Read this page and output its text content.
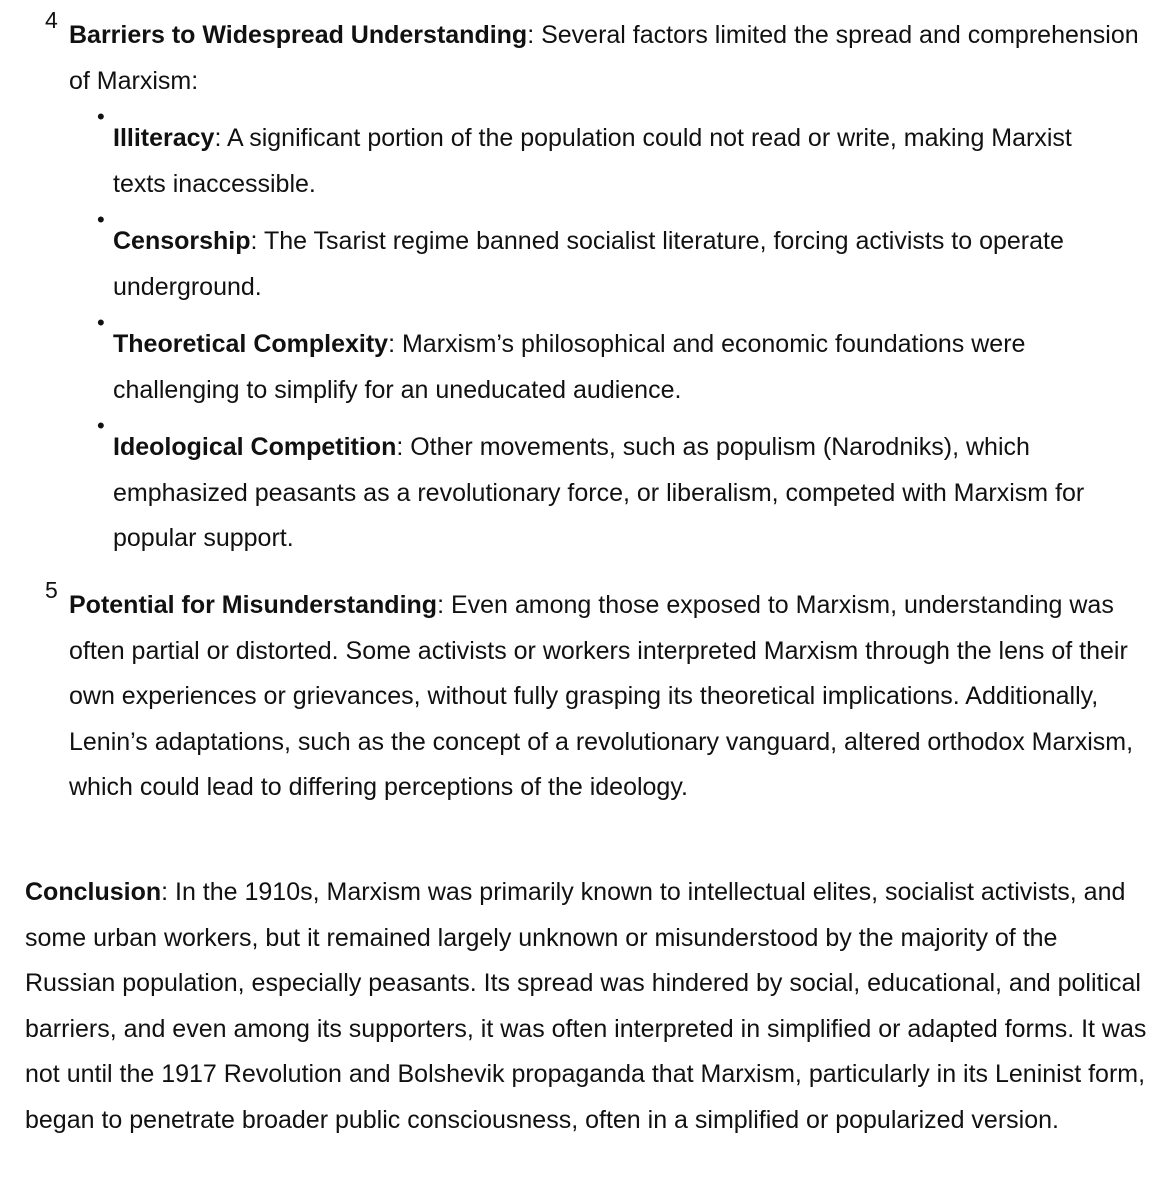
4
Barriers to Widespread Understanding: Several factors limited the spread and comprehension of Marxism:
•
Illiteracy: A significant portion of the population could not read or write, making Marxist texts inaccessible.
•
Censorship: The Tsarist regime banned socialist literature, forcing activists to operate underground.
•
Theoretical Complexity: Marxism’s philosophical and economic foundations were challenging to simplify for an uneducated audience.
•
Ideological Competition: Other movements, such as populism (Narodniks), which emphasized peasants as a revolutionary force, or liberalism, competed with Marxism for popular support.
5
Potential for Misunderstanding: Even among those exposed to Marxism, understanding was often partial or distorted. Some activists or workers interpreted Marxism through the lens of their own experiences or grievances, without fully grasping its theoretical implications. Additionally, Lenin’s adaptations, such as the concept of a revolutionary vanguard, altered orthodox Marxism, which could lead to differing perceptions of the ideology.
Conclusion: In the 1910s, Marxism was primarily known to intellectual elites, socialist activists, and some urban workers, but it remained largely unknown or misunderstood by the majority of the Russian population, especially peasants. Its spread was hindered by social, educational, and political barriers, and even among its supporters, it was often interpreted in simplified or adapted forms. It was not until the 1917 Revolution and Bolshevik propaganda that Marxism, particularly in its Leninist form, began to penetrate broader public consciousness, often in a simplified or popularized version.
